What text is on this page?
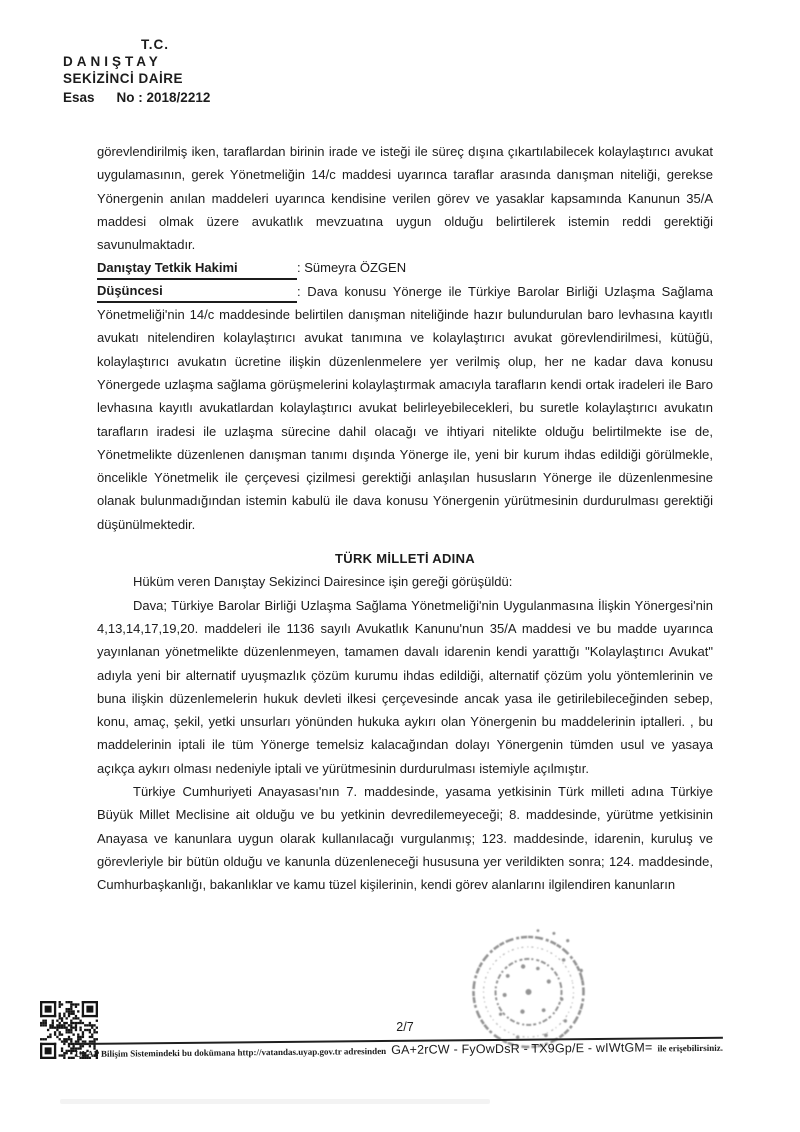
T.C.
DANIŞTAY
SEKİZİNCİ DAİRE
Esas No : 2018/2212

görevlendirilmiş iken, taraflardan birinin irade ve isteği ile süreç dışına çıkartılabilecek kolaylaştırıcı avukat uygulamasının, gerek Yönetmeliğin 14/c maddesi uyarınca taraflar arasında danışman niteliği, gerekse Yönergenin anılan maddeleri uyarınca kendisine verilen görev ve yasaklar kapsamında Kanunun 35/A maddesi olmak üzere avukatlık mevzuatına uygun olduğu belirtilerek istemin reddi gerektiği savunulmaktadır.

Danıştay Tetkik Hakimi	: Sümeyra ÖZGEN

Düşüncesi	: Dava konusu Yönerge ile Türkiye Barolar Birliği Uzlaşma Sağlama Yönetmeliği'nin 14/c maddesinde belirtilen danışman niteliğinde hazır bulundurulan baro levhasına kayıtlı avukatı nitelendiren kolaylaştırıcı avukat tanımına ve kolaylaştırıcı avukat görevlendirilmesi, kütüğü, kolaylaştırıcı avukatın ücretine ilişkin düzenlenmelere yer verilmiş olup, her ne kadar dava konusu Yönergede uzlaşma sağlama görüşmelerini kolaylaştırmak amacıyla tarafların kendi ortak iradeleri ile Baro levhasına kayıtlı avukatlardan kolaylaştırıcı avukat belirleyebilecekleri, bu suretle kolaylaştırıcı avukatın tarafların iradesi ile uzlaşma sürecine dahil olacağı ve ihtiyari nitelikte olduğu belirtilmekte ise de, Yönetmelikte düzenlenen danışman tanımı dışında Yönerge ile, yeni bir kurum ihdas edildiği görülmekle, öncelikle Yönetmelik ile çerçevesi çizilmesi gerektiği anlaşılan hususların Yönerge ile düzenlenmesine olanak bulunmadığından istemin kabulü ile dava konusu Yönergenin yürütmesinin durdurulması gerektiği düşünülmektedir.

TÜRK MİLLETİ ADINA

Hüküm veren Danıştay Sekizinci Dairesince işin gereği görüşüldü:

Dava; Türkiye Barolar Birliği Uzlaşma Sağlama Yönetmeliği'nin Uygulanmasına İlişkin Yönergesi'nin 4,13,14,17,19,20. maddeleri ile 1136 sayılı Avukatlık Kanunu'nun 35/A maddesi ve bu madde uyarınca yayınlanan yönetmelikte düzenlenmeyen, tamamen davalı idarenin kendi yarattığı "Kolaylaştırıcı Avukat" adıyla yeni bir alternatif uyuşmazlık çözüm kurumu ihdas edildiği, alternatif çözüm yolu yöntemlerinin ve buna ilişkin düzenlemelerin hukuk devleti ilkesi çerçevesinde ancak yasa ile getirilebileceğinden sebep, konu, amaç, şekil, yetki unsurları yönünden hukuka aykırı olan Yönergenin bu maddelerinin iptalleri. , bu maddelerinin iptali ile tüm Yönerge temelsiz kalacağından dolayı Yönergenin tümden usul ve yasaya açıkça aykırı olması nedeniyle iptali ve yürütmesinin durdurulması istemiyle açılmıştır.

Türkiye Cumhuriyeti Anayasası'nın 7. maddesinde, yasama yetkisinin Türk milleti adına Türkiye Büyük Millet Meclisine ait olduğu ve bu yetkinin devredilemeyeceği; 8. maddesinde, yürütme yetkisinin Anayasa ve kanunlara uygun olarak kullanılacağı vurgulanmış; 123. maddesinde, idarenin, kuruluş ve görevleriyle bir bütün olduğu ve kanunla düzenleneceği hususuna yer verildikten sonra; 124. maddesinde, Cumhurbaşkanlığı, bakanlıklar ve kamu tüzel kişilerinin, kendi görev alanlarını ilgilendiren kanunların

2/7
UYAP Bilişim Sistemindeki bu dokümana http://vatandas.uyap.gov.tr adresinden GA+2rCW - FyOwDsR - TX9Gp/E - wIWtGM= ile erişebilirsiniz.
